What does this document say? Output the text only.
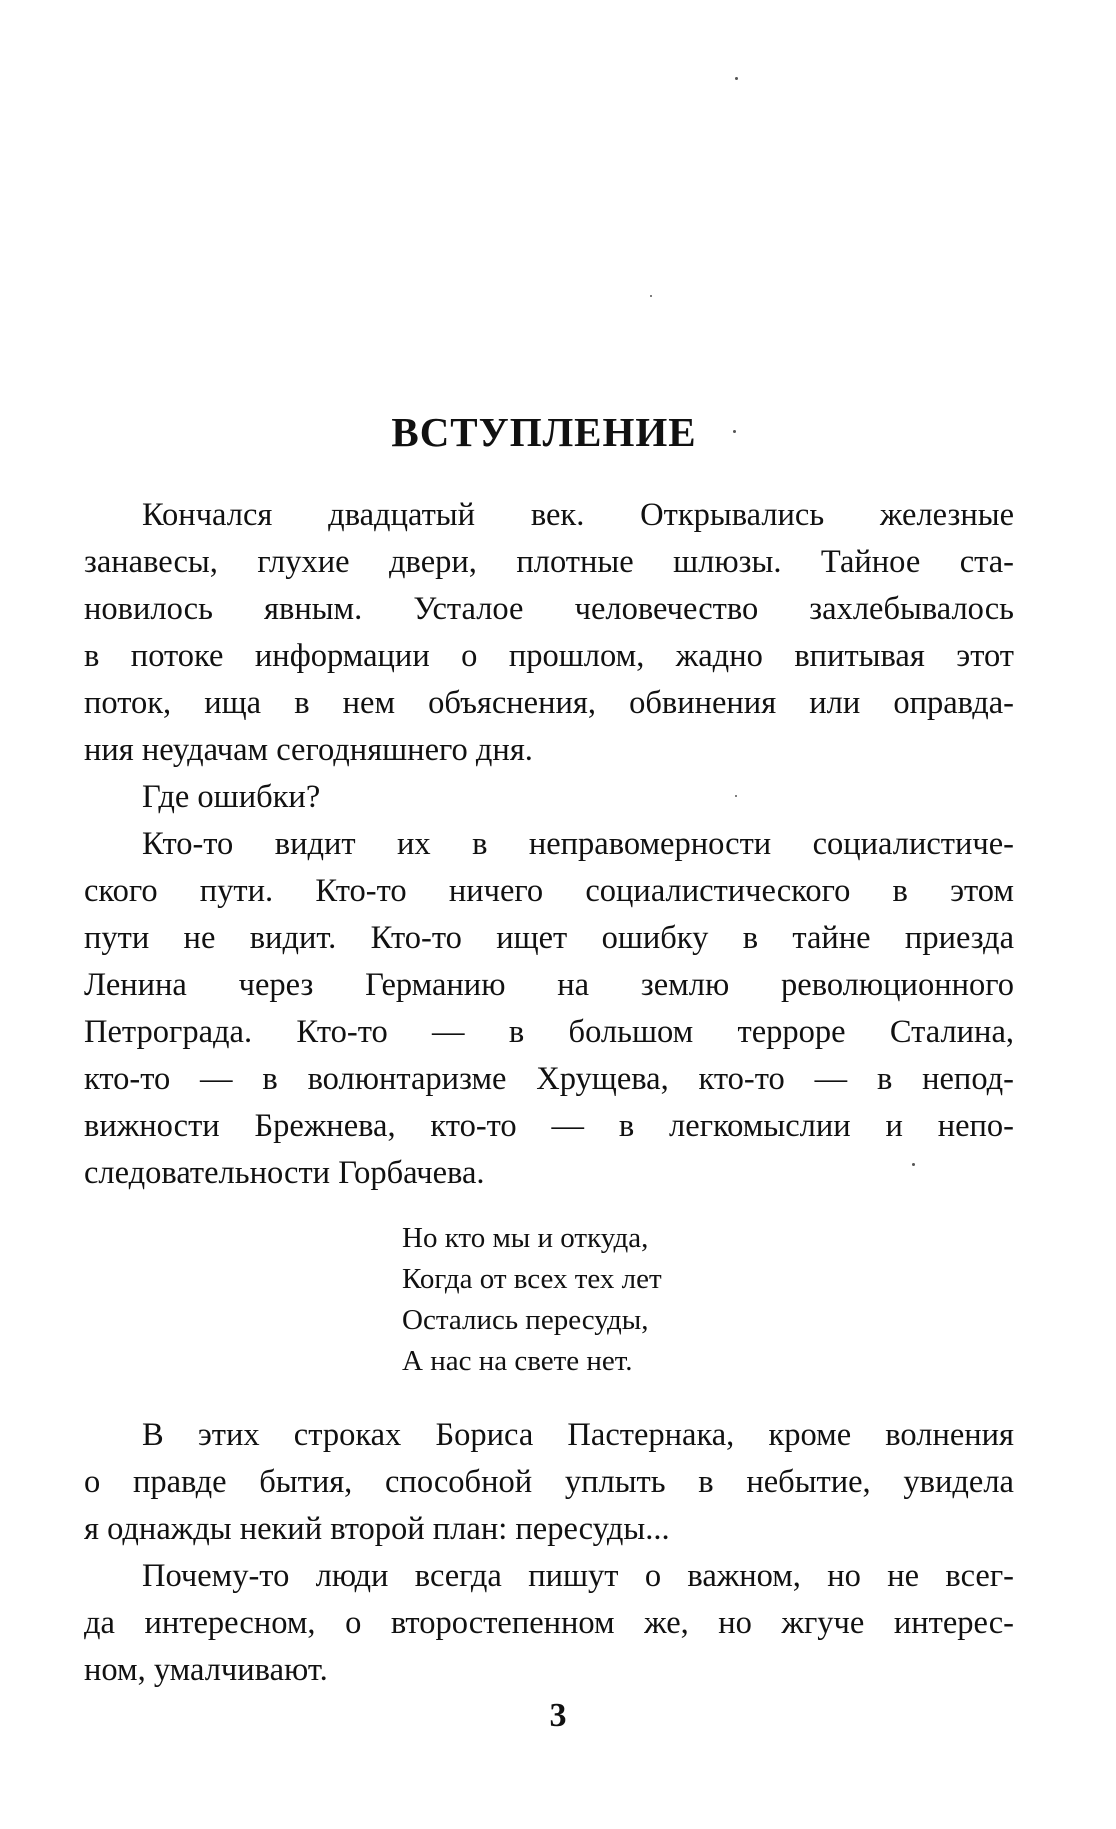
ВСТУПЛЕНИЕ
Кончался двадцатый век. Открывались железные
занавесы, глухие двери, плотные шлюзы. Тайное ста-
новилось явным. Усталое человечество захлебывалось
в потоке информации о прошлом, жадно впитывая этот
поток, ища в нем объяснения, обвинения или оправда-
ния неудачам сегодняшнего дня.
Где ошибки?
Кто-то видит их в неправомерности социалистиче-
ского пути. Кто-то ничего социалистического в этом
пути не видит. Кто-то ищет ошибку в тайне приезда
Ленина через Германию на землю революционного
Петрограда. Кто-то — в большом терроре Сталина,
кто-то — в волюнтаризме Хрущева, кто-то — в непод-
вижности Брежнева, кто-то — в легкомыслии и непо-
следовательности Горбачева.
Но кто мы и откуда,
Когда от всех тех лет
Остались пересуды,
А нас на свете нет.
В этих строках Бориса Пастернака, кроме волнения
о правде бытия, способной уплыть в небытие, увидела
я однажды некий второй план: пересуды...
Почему-то люди всегда пишут о важном, но не всег-
да интересном, о второстепенном же, но жгуче интерес-
ном, умалчивают.
3
